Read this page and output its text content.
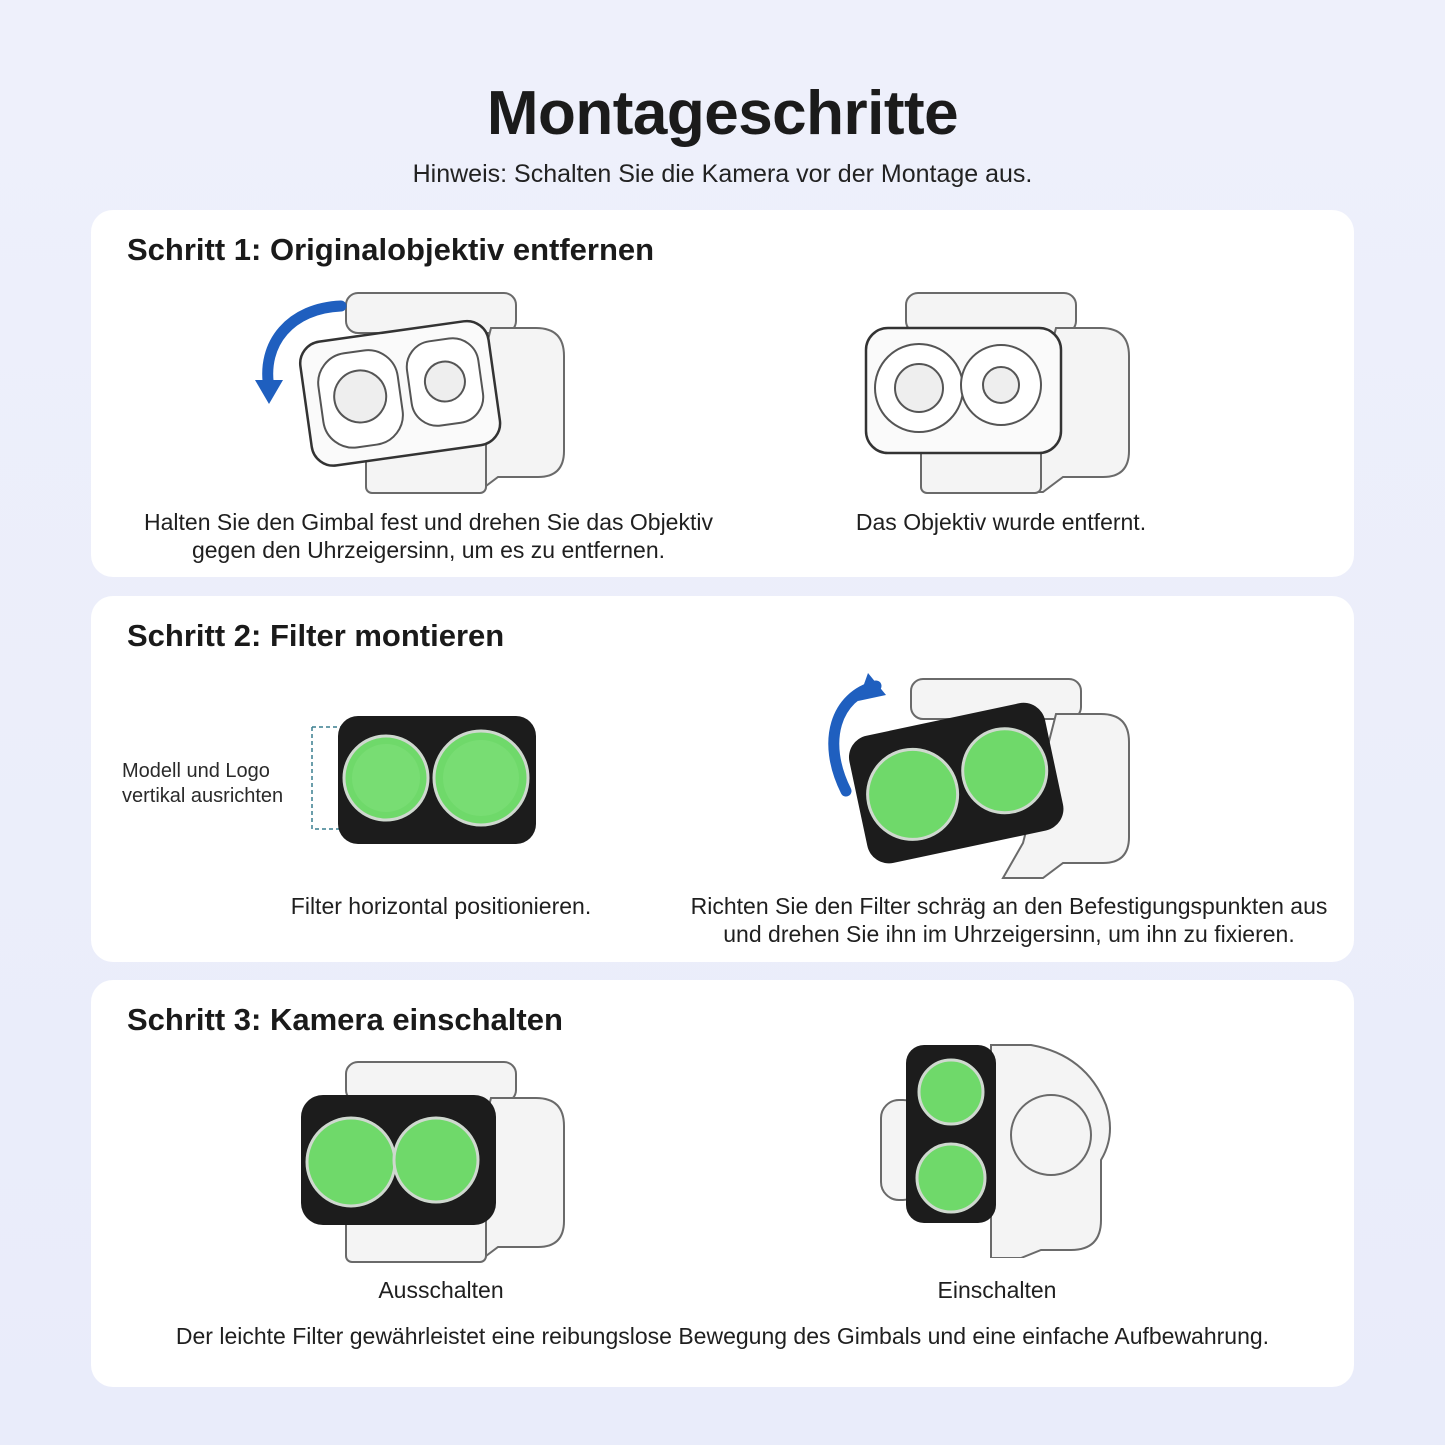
Montageschritte
Hinweis: Schalten Sie die Kamera vor der Montage aus.
Schritt 1: Originalobjektiv entfernen
Halten Sie den Gimbal fest und drehen Sie das Objektiv gegen den Uhrzeigersinn, um es zu entfernen.
Das Objektiv wurde entfernt.
Schritt 2: Filter montieren
Modell und Logo vertikal ausrichten
Filter horizontal positionieren.	Richten Sie den Filter schräg an den Befestigungspunkten aus und drehen Sie ihn im Uhrzeigersinn, um ihn zu fixieren.
Schritt 3: Kamera einschalten
Ausschalten	Einschalten
Der leichte Filter gewährleistet eine reibungslose Bewegung des Gimbals und eine einfache Aufbewahrung.
